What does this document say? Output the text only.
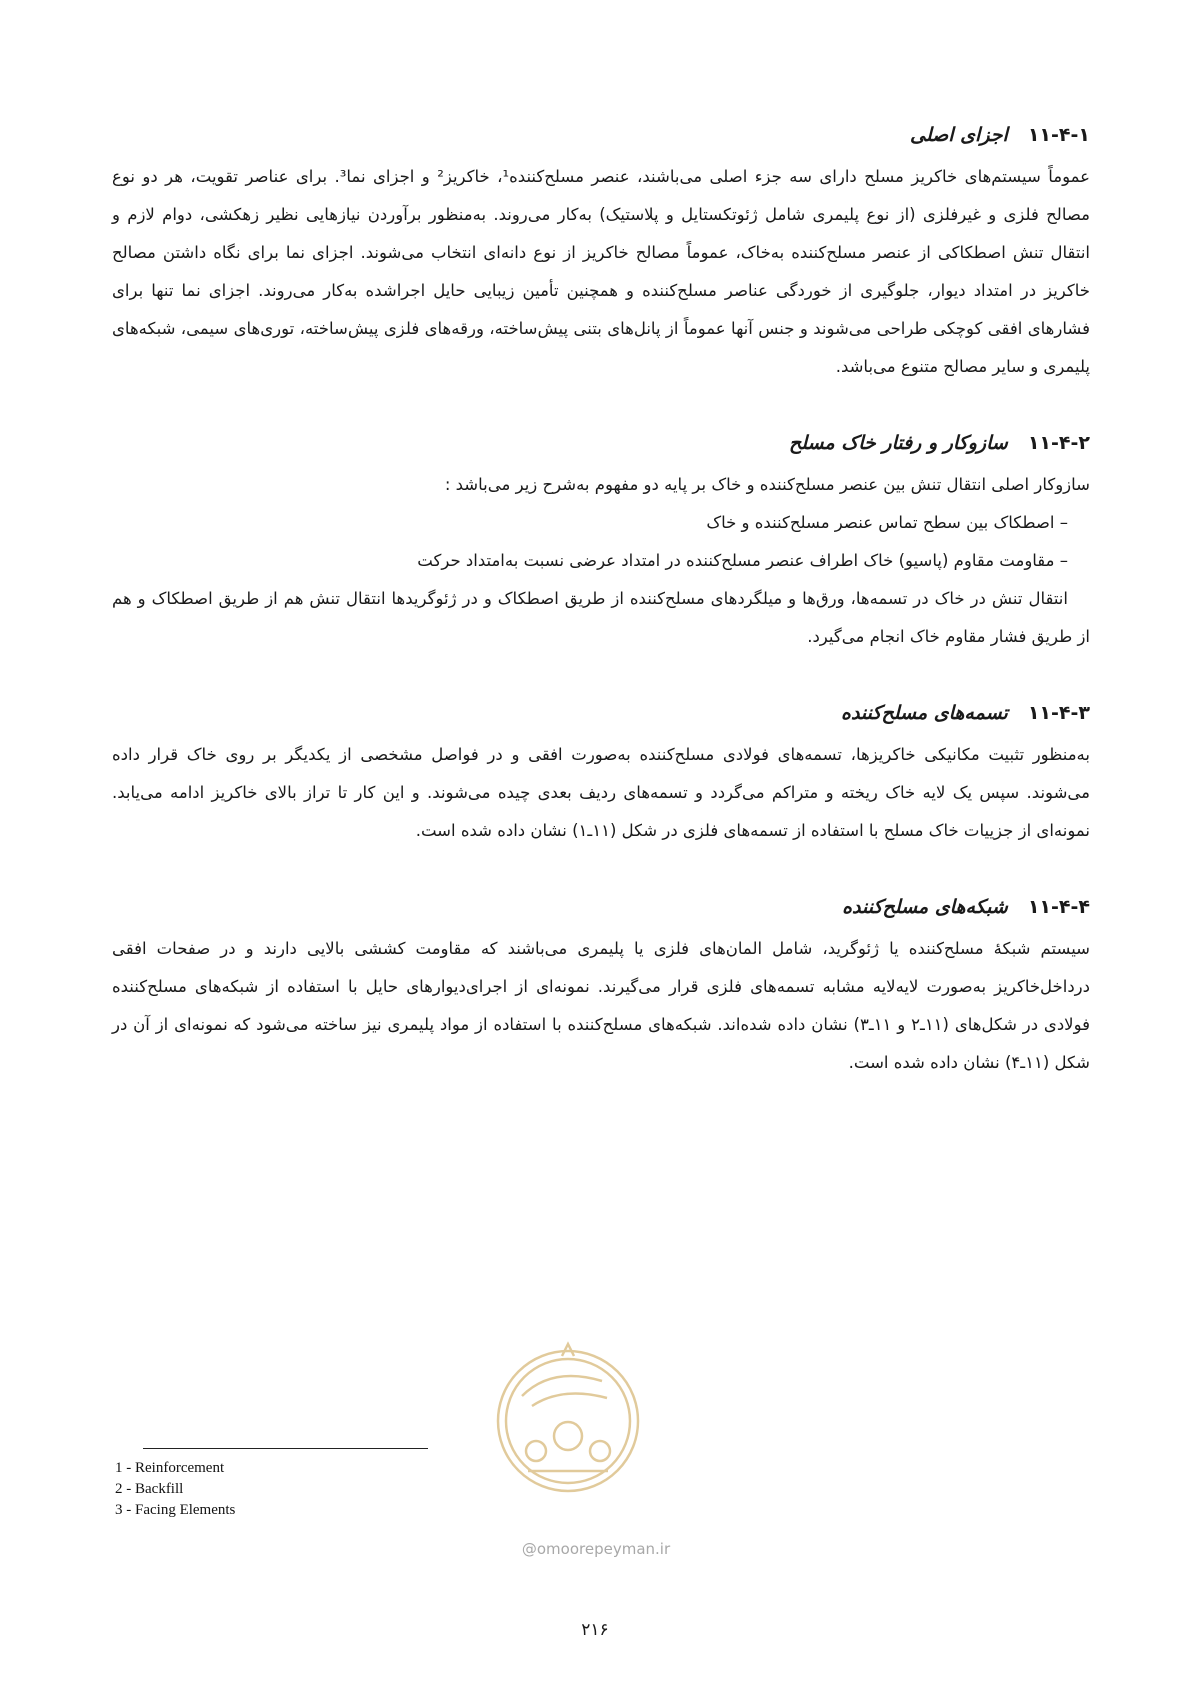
۱۱-۴-۱اجزای اصلی

عموماً سیستم‌های خاکریز مسلح دارای سه جزء اصلی می‌باشند، عنصر مسلح‌کننده¹، خاکریز² و اجزای نما³. برای عناصر تقویت، هر دو نوع مصالح فلزی و غیرفلزی (از نوع پلیمری شامل ژئوتکستایل و پلاستیک) به‌کار می‌روند. به‌منظور برآوردن نیازهایی نظیر زهکشی، دوام لازم و انتقال تنش اصطکاکی از عنصر مسلح‌کننده به‌خاک، عموماً مصالح خاکریز از نوع دانه‌ای انتخاب می‌شوند. اجزای نما برای نگاه داشتن مصالح خاکریز در امتداد دیوار، جلوگیری از خوردگی عناصر مسلح‌کننده و همچنین تأمین زیبایی حایل اجراشده به‌کار می‌روند. اجزای نما تنها برای فشارهای افقی کوچکی طراحی می‌شوند و جنس آنها عموماً از پانل‌های بتنی پیش‌ساخته، ورقه‌های فلزی پیش‌ساخته، توری‌های سیمی، شبکه‌های پلیمری و سایر مصالح متنوع می‌باشد.

۱۱-۴-۲سازوکار و رفتار خاک مسلح

سازوکار اصلی انتقال تنش بین عنصر مسلح‌کننده و خاک بر پایه دو مفهوم به‌شرح زیر می‌باشد :

– اصطکاک بین سطح تماس عنصر مسلح‌کننده و خاک

– مقاومت مقاوم (پاسیو) خاک اطراف عنصر مسلح‌کننده در امتداد عرضی نسبت به‌امتداد حرکت

انتقال تنش در خاک در تسمه‌ها، ورق‌ها و میلگردهای مسلح‌کننده از طریق اصطکاک و در ژئوگریدها انتقال تنش هم از طریق اصطکاک و هم از طریق فشار مقاوم خاک انجام می‌گیرد.

۱۱-۴-۳تسمه‌های مسلح‌کننده

به‌منظور تثبیت مکانیکی خاکریزها، تسمه‌های فولادی مسلح‌کننده به‌صورت افقی و در فواصل مشخصی از یکدیگر بر روی خاک قرار داده می‌شوند. سپس یک لایه خاک ریخته و متراکم می‌گردد و تسمه‌های ردیف بعدی چیده می‌شوند. و این کار تا تراز بالای خاکریز ادامه می‌یابد. نمونه‌ای از جزییات خاک مسلح با استفاده از تسمه‌های فلزی در شکل (۱۱ـ۱) نشان داده شده است.

۱۱-۴-۴شبکه‌های مسلح‌کننده

سیستم شبکهٔ مسلح‌کننده یا ژئوگرید، شامل المان‌های فلزی یا پلیمری می‌باشند که مقاومت کششی بالایی دارند و در صفحات افقی درداخل‌خاکریز به‌صورت لایه‌لایه مشابه تسمه‌های فلزی قرار می‌گیرند. نمونه‌ای از اجرای‌دیوارهای حایل با استفاده از شبکه‌های مسلح‌کننده فولادی در شکل‌های (۱۱ـ۲ و ۱۱ـ۳) نشان داده شده‌اند. شبکه‌های مسلح‌کننده با استفاده از مواد پلیمری نیز ساخته می‌شود که نمونه‌ای از آن در شکل (۱۱ـ۴) نشان داده شده است.

@omoorepeyman.ir
1 - Reinforcement
2 - Backfill
3 - Facing Elements
۲۱۶
